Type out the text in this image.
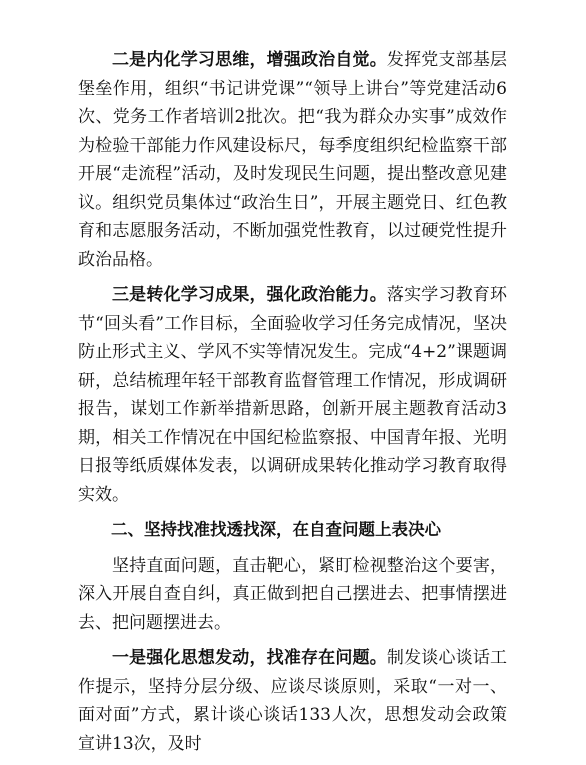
二是内化学习思维，增强政治自觉。发挥党支部基层堡垒作用，组织“书记讲党课”“领导上讲台”等党建活动6次、党务工作者培训2批次。把“我为群众办实事”成效作为检验干部能力作风建设标尺，每季度组织纪检监察干部开展“走流程”活动，及时发现民生问题，提出整改意见建议。组织党员集体过“政治生日”，开展主题党日、红色教育和志愿服务活动，不断加强党性教育，以过硬党性提升政治品格。

三是转化学习成果，强化政治能力。落实学习教育环节“回头看”工作目标，全面验收学习任务完成情况，坚决防止形式主义、学风不实等情况发生。完成“4+2”课题调研，总结梳理年轻干部教育监督管理工作情况，形成调研报告，谋划工作新举措新思路，创新开展主题教育活动3期，相关工作情况在中国纪检监察报、中国青年报、光明日报等纸质媒体发表，以调研成果转化推动学习教育取得实效。

二、坚持找准找透找深，在自查问题上表决心

坚持直面问题，直击靶心，紧盯检视整治这个要害，深入开展自查自纠，真正做到把自己摆进去、把事情摆进去、把问题摆进去。

一是强化思想发动，找准存在问题。制发谈心谈话工作提示，坚持分层分级、应谈尽谈原则，采取“一对一、面对面”方式，累计谈心谈话133人次，思想发动会政策宣讲13次，及时
